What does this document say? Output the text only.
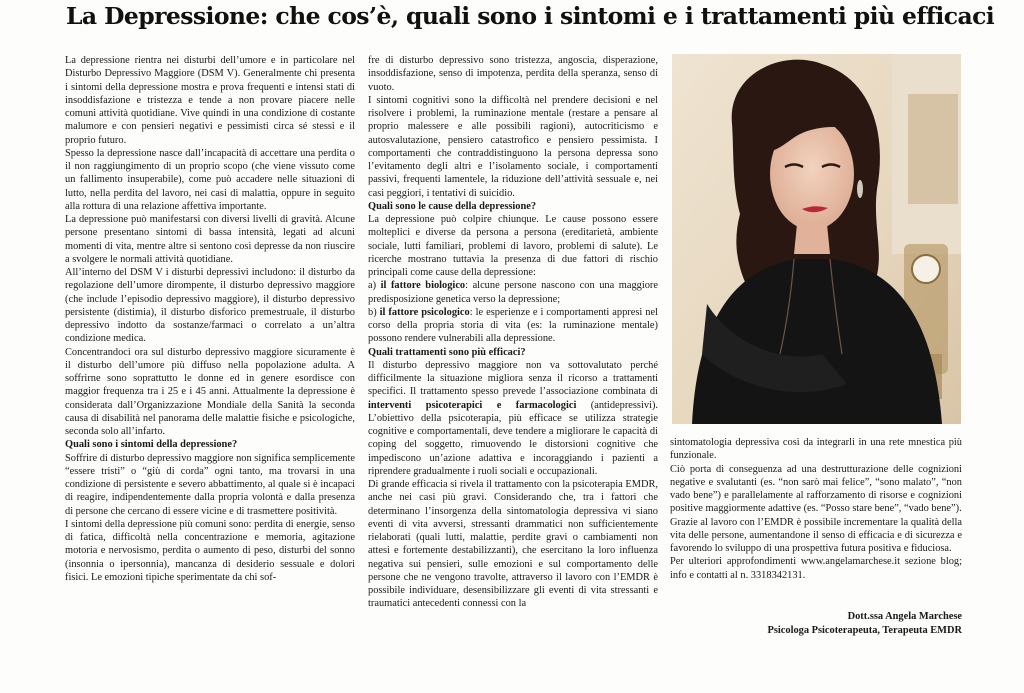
La Depressione: che cos’è, quali sono i sintomi e i trattamenti più efficaci

La depressione rientra nei disturbi dell’umore e in particolare nel Disturbo Depressivo Maggiore (DSM V). Generalmente chi presenta i sintomi della depressione mostra e prova frequenti e intensi stati di insoddisfazione e tristezza e tende a non provare piacere nelle comuni attività quotidiane. Vive quindi in una condizione di costante malumore e con pensieri negativi e pessimisti circa sé stessi e il proprio futuro.

Spesso la depressione nasce dall’incapacità di accettare una perdita o il non raggiungimento di un proprio scopo (che viene vissuto come un fallimento insuperabile), come può accadere nelle situazioni di lutto, nella perdita del lavoro, nei casi di malattia, oppure in seguito alla rottura di una relazione affettiva importante.

La depressione può manifestarsi con diversi livelli di gravità. Alcune persone presentano sintomi di bassa intensità, legati ad alcuni momenti di vita, mentre altre si sentono così depresse da non riuscire a svolgere le normali attività quotidiane.

All’interno del DSM V i disturbi depressivi includono: il disturbo da regolazione dell’umore dirompente, il disturbo depressivo maggiore (che include l’episodio depressivo maggiore), il disturbo depressivo persistente (distimia), il disturbo disforico premestruale, il disturbo depressivo indotto da sostanze/farmaci o correlato a un’altra condizione medica.

Concentrandoci ora sul disturbo depressivo maggiore sicuramente è il disturbo dell’umore più diffuso nella popolazione adulta. A soffrirne sono soprattutto le donne ed in genere esordisce con maggior frequenza tra i 25 e i 45 anni. Attualmente la depressione è considerata dall’Organizzazione Mondiale della Sanità la seconda causa di disabilità nel panorama delle malattie fisiche e psicologiche, seconda solo all’infarto.

Quali sono i sintomi della depressione?

Soffrire di disturbo depressivo maggiore non significa semplicemente “essere tristi” o “giù di corda” ogni tanto, ma trovarsi in una condizione di persistente e severo abbattimento, al quale si è incapaci di reagire, indipendentemente dalla propria volontà e dalla presenza di persone che cercano di essere vicine e di trasmettere positività.

I sintomi della depressione più comuni sono: perdita di energie, senso di fatica, difficoltà nella concentrazione e memoria, agitazione motoria e nervosismo, perdita o aumento di peso, disturbi del sonno (insonnia o ipersonnia), mancanza di desiderio sessuale e dolori fisici. Le emozioni tipiche sperimentate da chi sof-

fre di disturbo depressivo sono tristezza, angoscia, disperazione, insoddisfazione, senso di impotenza, perdita della speranza, senso di vuoto.

I sintomi cognitivi sono la difficoltà nel prendere decisioni e nel risolvere i problemi, la ruminazione mentale (restare a pensare al proprio malessere e alle possibili ragioni), autocriticismo e autosvalutazione, pensiero catastrofico e pensiero pessimista. I comportamenti che contraddistinguono la persona depressa sono l’evitamento degli altri e l’isolamento sociale, i comportamenti passivi, frequenti lamentele, la riduzione dell’attività sessuale e, nei casi peggiori, i tentativi di suicidio.

Quali sono le cause della depressione?

La depressione può colpire chiunque. Le cause possono essere molteplici e diverse da persona a persona (ereditarietà, ambiente sociale, lutti familiari, problemi di lavoro, problemi di salute). Le ricerche mostrano tuttavia la presenza di due fattori di rischio principali come cause della depressione:

a) il fattore biologico: alcune persone nascono con una maggiore predisposizione genetica verso la depressione;

b) il fattore psicologico: le esperienze e i comportamenti appresi nel corso della propria storia di vita (es: la ruminazione mentale) possono rendere vulnerabili alla depressione.

Quali trattamenti sono più efficaci?

Il disturbo depressivo maggiore non va sottovalutato perché difficilmente la situazione migliora senza il ricorso a trattamenti specifici. Il trattamento spesso prevede l’associazione combinata di interventi psicoterapici e farmacologici (antidepressivi). L’obiettivo della psicoterapia, più efficace se utilizza strategie cognitive e comportamentali, deve tendere a migliorare le capacità di coping del soggetto, rimuovendo le distorsioni cognitive che impediscono un’azione adattiva e incoraggiando i pazienti a riprendere gradualmente i ruoli sociali e occupazionali.

Di grande efficacia si rivela il trattamento con la psicoterapia EMDR, anche nei casi più gravi. Considerando che, tra i fattori che determinano l’insorgenza della sintomatologia depressiva vi siano eventi di vita avversi, stressanti drammatici non sufficientemente rielaborati (quali lutti, malattie, perdite gravi o cambiamenti non attesi e fortemente destabilizzanti), che esercitano la loro influenza negativa sui pensieri, sulle emozioni e sul comportamento delle persone che ne vengono travolte, attraverso il lavoro con l’EMDR è possibile individuare, desensibilizzare gli eventi di vita stressanti e traumatici antecedenti connessi con la

sintomatologia depressiva così da integrarli in una rete mnestica più funzionale.

Ciò porta di conseguenza ad una destrutturazione delle cognizioni negative e svalutanti (es. “non sarò mai felice”, “sono malato”, “non vado bene”) e parallelamente al rafforzamento di risorse e cognizioni positive maggiormente adattive (es. “Posso stare bene”, “vado bene”).

Grazie al lavoro con l’EMDR è possibile incrementare la qualità della vita delle persone, aumentandone il senso di efficacia e di sicurezza e favorendo lo sviluppo di una prospettiva futura positiva e fiduciosa.

Per ulteriori approfondimenti www.angelamarchese.it sezione blog; info e contatti al n. 3318342131.

Dott.ssa Angela Marchese
Psicologa Psicoterapeuta, Terapeuta EMDR
